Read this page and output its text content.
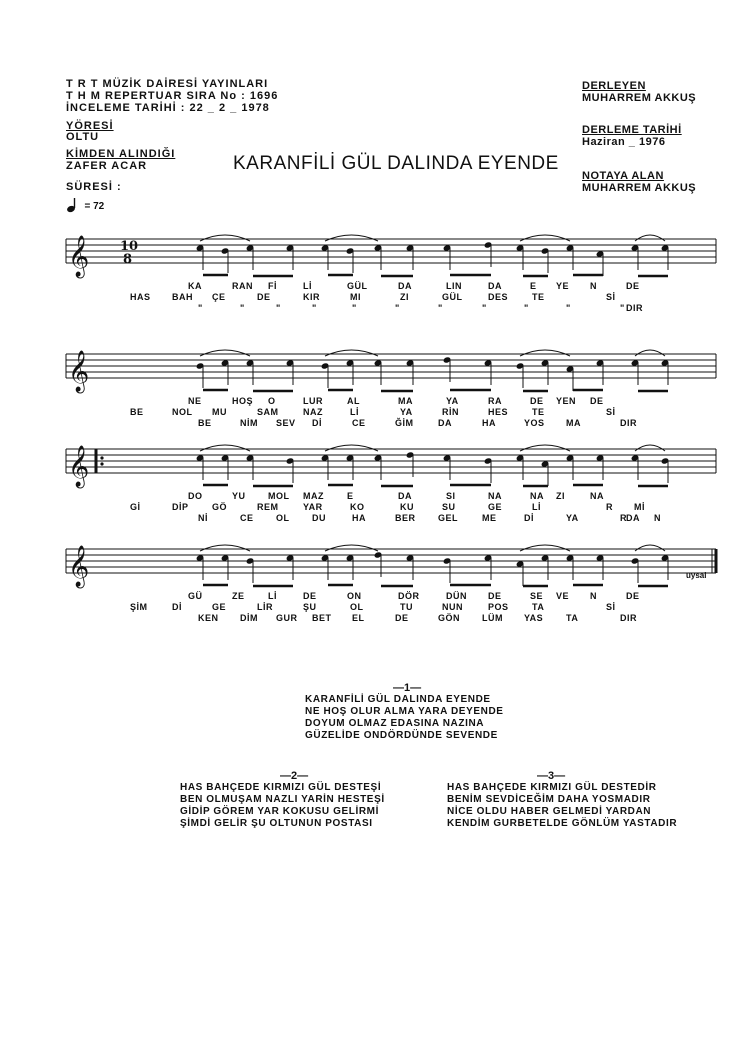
T R T MÜZİK DAİRESİ YAYINLARI
T H M REPERTUAR SIRA No : 1696
İNCELEME TARİHİ : 22 _ 2 _ 1978
YÖRESİ
OLTU
KİMDEN ALINDIĞI
ZAFER ACAR
SÜRESİ :
= 72
DERLEYEN
MUHARREM AKKUŞ
DERLEME TARİHİ
Haziran _ 1976
NOTAYA ALAN
MUHARREM AKKUŞ
KARANFİLİ GÜL DALINDA EYENDE
𝄞 10
8
KA	RAN Fİ	Lİ	GÜL	DA	LIN	DA	E YE N	DE
HAS BAH ÇE	DE	KIR	MI	ZI	GÜL	DES	TE	Sİ
"	"	"	"	"	"	"	"	"	"	" DIR
𝄞
NE	HOŞ O	LUR	AL	MA	YA	RA	DE YEN DE
BE	NOL MU	SAM	NAZ	Lİ	YA	RİN	HES	TE	Sİ
BE	NİM SEV Dİ	CE	ĞİM	DA	HA	YOS MA	DIR
𝄞
DO	YU MOL MAZ	E	DA	SI	NA	NA ZI	NA
Gİ	DİP	GÖ	REM	YAR	KO	KU	SU	GE	Lİ	R Mİ
Nİ	CE OL	DU	HA	BER GEL	ME	Dİ	YA	R DA N
𝄞
GÜ	ZE	Lİ	DE	ON	DÖR	DÜN DE	SE VE N	DE
ŞİM	Dİ	GE	LİR	ŞU	OL	TU	NUN	POS	TA	Sİ
KEN DİM GUR BET EL	DE	GÖN LÜM YAS	TA	DIR
uysal
—1—
KARANFİLİ GÜL DALINDA EYENDE
NE HOŞ OLUR ALMA YARA DEYENDE
DOYUM OLMAZ EDASINA NAZINA
GÜZELİDE ONDÖRDÜNDE SEVENDE
—2—
HAS BAHÇEDE KIRMIZI GÜL DESTEŞİ
BEN OLMUŞAM NAZLI YARİN HESTEŞİ
GİDİP GÖREM YAR KOKUSU GELİRMİ
ŞİMDİ GELİR ŞU OLTUNUN POSTASI
—3—
HAS BAHÇEDE KIRMIZI GÜL DESTEDİR
BENİM SEVDİCEĞİM DAHA YOSMADIR
NİCE OLDU HABER GELMEDİ YARDAN
KENDİM GURBETELDE GÖNLÜM YASTADIR
